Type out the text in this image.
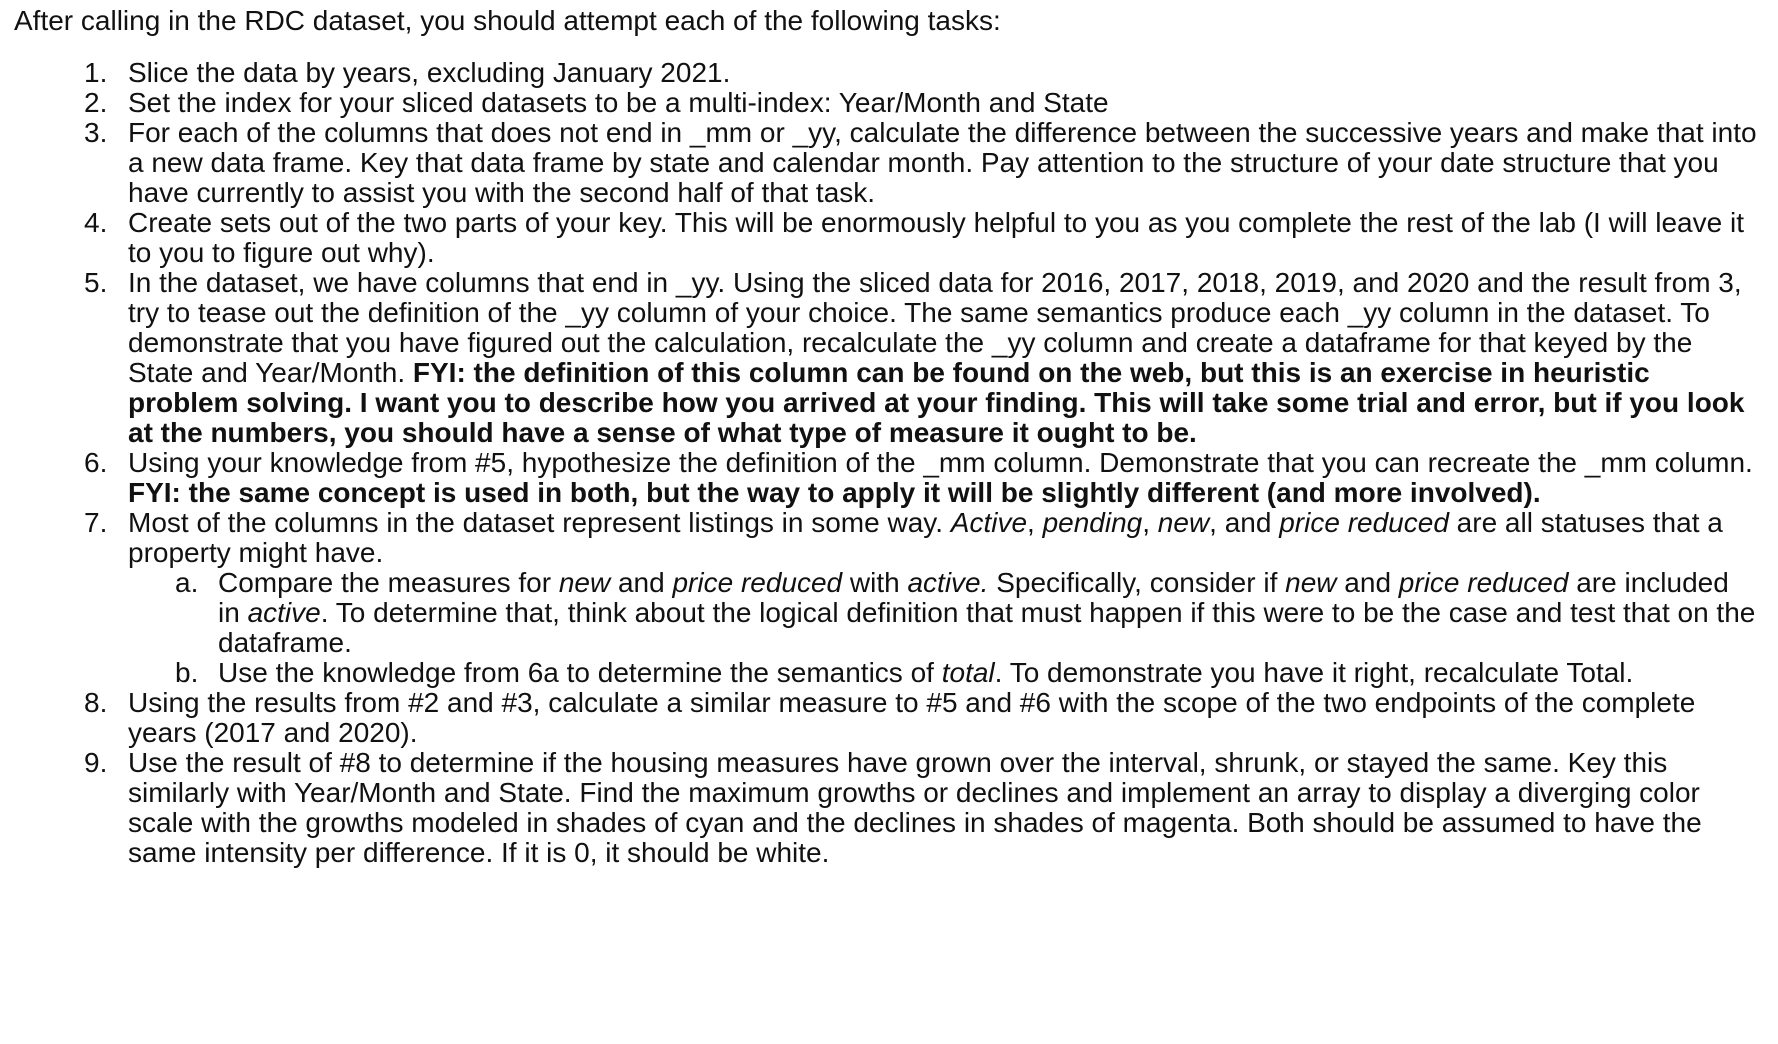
After calling in the RDC dataset, you should attempt each of the following tasks:
1. Slice the data by years, excluding January 2021.
2. Set the index for your sliced datasets to be a multi-index: Year/Month and State
3. For each of the columns that does not end in _mm or _yy, calculate the difference between the successive years and make that into a new data frame. Key that data frame by state and calendar month. Pay attention to the structure of your date structure that you have currently to assist you with the second half of that task.
4. Create sets out of the two parts of your key. This will be enormously helpful to you as you complete the rest of the lab (I will leave it to you to figure out why).
5. In the dataset, we have columns that end in _yy. Using the sliced data for 2016, 2017, 2018, 2019, and 2020 and the result from 3, try to tease out the definition of the _yy column of your choice. The same semantics produce each _yy column in the dataset. To demonstrate that you have figured out the calculation, recalculate the _yy column and create a dataframe for that keyed by the State and Year/Month. FYI: the definition of this column can be found on the web, but this is an exercise in heuristic problem solving. I want you to describe how you arrived at your finding. This will take some trial and error, but if you look at the numbers, you should have a sense of what type of measure it ought to be.
6. Using your knowledge from #5, hypothesize the definition of the _mm column. Demonstrate that you can recreate the _mm column. FYI: the same concept is used in both, but the way to apply it will be slightly different (and more involved).
7. Most of the columns in the dataset represent listings in some way. Active, pending, new, and price reduced are all statuses that a property might have.
a. Compare the measures for new and price reduced with active. Specifically, consider if new and price reduced are included in active. To determine that, think about the logical definition that must happen if this were to be the case and test that on the dataframe.
b. Use the knowledge from 6a to determine the semantics of total. To demonstrate you have it right, recalculate Total.
8. Using the results from #2 and #3, calculate a similar measure to #5 and #6 with the scope of the two endpoints of the complete years (2017 and 2020).
9. Use the result of #8 to determine if the housing measures have grown over the interval, shrunk, or stayed the same. Key this similarly with Year/Month and State. Find the maximum growths or declines and implement an array to display a diverging color scale with the growths modeled in shades of cyan and the declines in shades of magenta. Both should be assumed to have the same intensity per difference. If it is 0, it should be white.
